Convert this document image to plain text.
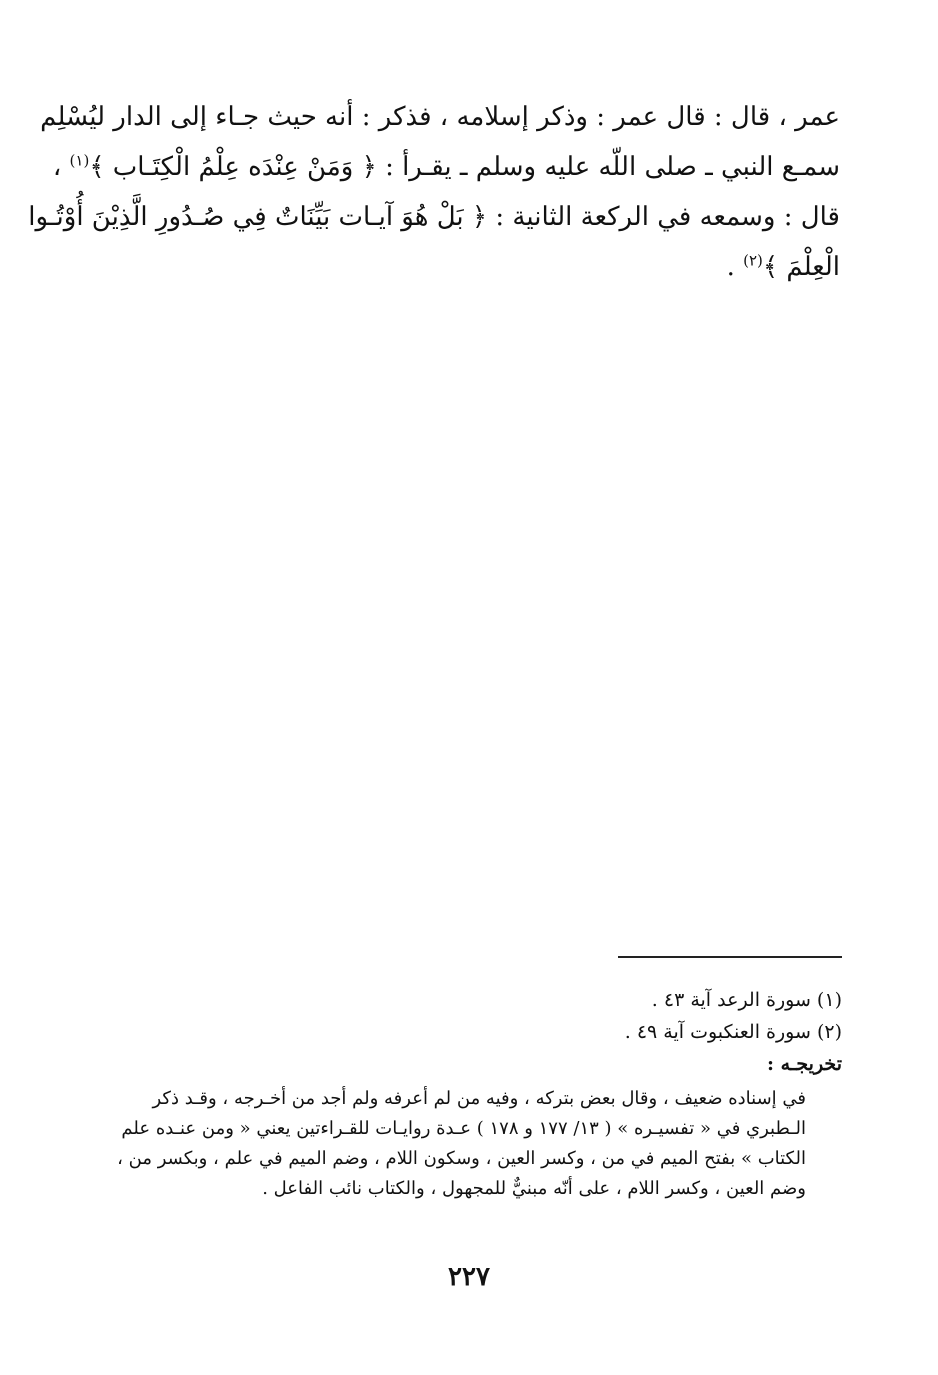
عمر ، قال : قال عمر : وذكر إسلامه ، فذكر : أنه حيث جـاء إلى الدار ليُسْلِم
سمـع النبي ـ صلى اللّه عليه وسلم ـ يقـرأ : ﴿ وَمَنْ عِنْدَه عِلْمُ الْكِتَـاب ﴾$^{(١)}$ ،
قال : وسمعه في الركعة الثانية : ﴿ بَلْ هُوَ آيـات بَيِّنَاتٌ فِي صُـدُورِ الَّذِيْنَ أُوْتُـوا
الْعِلْمَ ﴾$^{(٢)}$ .
(١) سورة الرعد آية ٤٣ .
(٢) سورة العنكبوت آية ٤٩ .
تخريجـه :
في إسناده ضعيف ، وقال بعض بتركه ، وفيه من لم أعرفه ولم أجد من أخـرجه ، وقـد ذكر
الـطبري في « تفسيـره » ( ١٣/ ١٧٧ و ١٧٨ ) عـدة روايـات للقـراءتين يعني « ومن عنـده علم
الكتاب » بفتح الميم في من ، وكسر العين ، وسكون اللام ، وضم الميم في علم ، وبكسر من ،
وضم العين ، وكسر اللام ، على أنّه مبنيٌّ للمجهول ، والكتاب نائب الفاعل .
٢٢٧
